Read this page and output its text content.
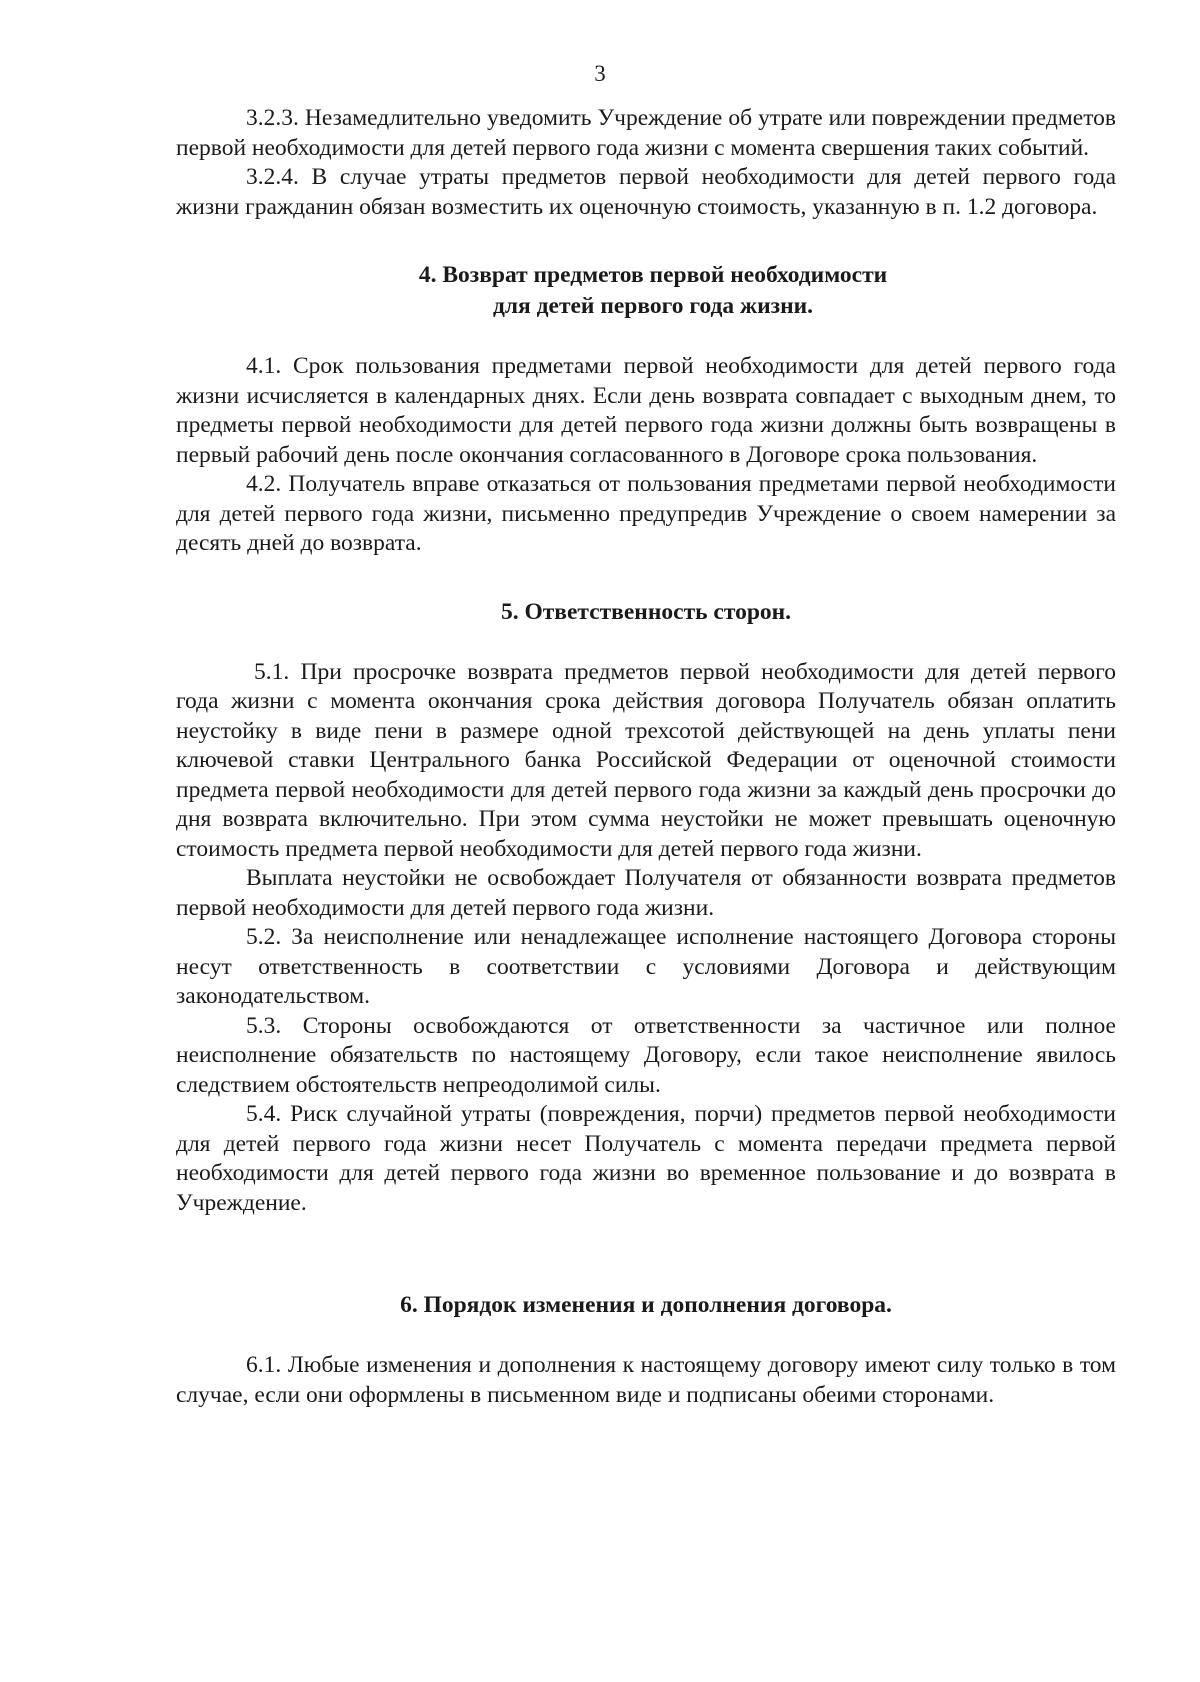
3

3.2.3. Незамедлительно уведомить Учреждение об утрате или повреждении предметов первой необходимости для детей первого года жизни с момента свершения таких событий.

3.2.4. В случае утраты предметов первой необходимости для детей первого года жизни гражданин обязан возместить их оценочную стоимость, указанную в п. 1.2 договора.

4. Возврат предметов первой необходимости

для детей первого года жизни.

4.1. Срок пользования предметами первой необходимости для детей первого года жизни исчисляется в календарных днях. Если день возврата совпадает с выходным днем, то предметы первой необходимости для детей первого года жизни должны быть возвращены в первый рабочий день после окончания согласованного в Договоре срока пользования.

4.2. Получатель вправе отказаться от пользования предметами первой необходимости для детей первого года жизни, письменно предупредив Учреждение о своем намерении за десять дней до возврата.

5. Ответственность сторон.

5.1. При просрочке возврата предметов первой необходимости для детей первого года жизни с момента окончания срока действия договора Получатель обязан оплатить неустойку в виде пени в размере одной трехсотой действующей на день уплаты пени ключевой ставки Центрального банка Российской Федерации от оценочной стоимости предмета первой необходимости для детей первого года жизни за каждый день просрочки до дня возврата включительно. При этом сумма неустойки не может превышать оценочную стоимость предмета первой необходимости для детей первого года жизни.

Выплата неустойки не освобождает Получателя от обязанности возврата предметов первой необходимости для детей первого года жизни.

5.2. За неисполнение или ненадлежащее исполнение настоящего Договора стороны несут ответственность в соответствии с условиями Договора и действующим законодательством.

5.3. Стороны освобождаются от ответственности за частичное или полное неисполнение обязательств по настоящему Договору, если такое неисполнение явилось следствием обстоятельств непреодолимой силы.

5.4. Риск случайной утраты (повреждения, порчи) предметов первой необходимости для детей первого года жизни несет Получатель с момента передачи предмета первой необходимости для детей первого года жизни во временное пользование и до возврата в Учреждение.

6. Порядок изменения и дополнения договора.

6.1. Любые изменения и дополнения к настоящему договору имеют силу только в том случае, если они оформлены в письменном виде и подписаны обеими сторонами.
